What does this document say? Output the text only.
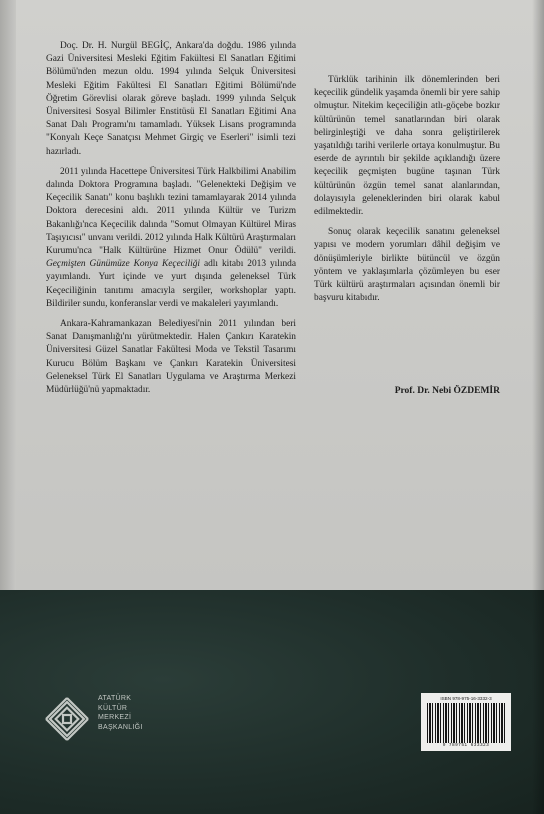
Doç. Dr. H. Nurgül BEGİÇ, Ankara'da doğdu. 1986 yılında Gazi Üniversitesi Mesleki Eğitim Fakültesi El Sanatları Eğitimi Bölümü'nden mezun oldu. 1994 yılında Selçuk Üniversitesi Mesleki Eğitim Fakültesi El Sanatları Eğitimi Bölümü'nde Öğretim Görevlisi olarak göreve başladı. 1999 yılında Selçuk Üniversitesi Sosyal Bilimler Enstitüsü El Sanatları Eğitimi Ana Sanat Dalı Programı'nı tamamladı. Yüksek Lisans programında "Konyalı Keçe Sanatçısı Mehmet Girgiç ve Eserleri" isimli tezi hazırladı.

2011 yılında Hacettepe Üniversitesi Türk Halkbilimi Anabilim dalında Doktora Programına başladı. "Gelenekteki Değişim ve Keçecilik Sanatı" konu başlıklı tezini tamamlayarak 2014 yılında Doktora derecesini aldı. 2011 yılında Kültür ve Turizm Bakanlığı'nca Keçecilik dalında "Somut Olmayan Kültürel Miras Taşıyıcısı" unvanı verildi. 2012 yılında Halk Kültürü Araştırmaları Kurumu'nca "Halk Kültürüne Hizmet Onur Ödülü" verildi. Geçmişten Günümüze Konya Keçeciliği adlı kitabı 2013 yılında yayımlandı. Yurt içinde ve yurt dışında geleneksel Türk Keçeciliğinin tanıtımı amacıyla sergiler, workshoplar yaptı. Bildiriler sundu, konferanslar verdi ve makaleleri yayımlandı.

Ankara-Kahramankazan Belediyesi'nin 2011 yılından beri Sanat Danışmanlığı'nı yürütmektedir. Halen Çankırı Karatekin Üniversitesi Güzel Sanatlar Fakültesi Moda ve Tekstil Tasarımı Kurucu Bölüm Başkanı ve Çankırı Karatekin Üniversitesi Geleneksel Türk El Sanatları Uygulama ve Araştırma Merkezi Müdürlüğü'nü yapmaktadır.

Türklük tarihinin ilk dönemlerinden beri keçecilik gündelik yaşamda önemli bir yere sahip olmuştur. Nitekim keçeciliğin atlı-göçebe bozkır kültürünün temel sanatlarından biri olarak belirginleştiği ve daha sonra geliştirilerek yaşatıldığı tarihi verilerle ortaya konulmuştur. Bu eserde de ayrıntılı bir şekilde açıklandığı üzere keçecilik geçmişten bugüne taşınan Türk kültürünün özgün temel sanat alanlarından, dolayısıyla geleneklerinden biri olarak kabul edilmektedir.

Sonuç olarak keçecilik sanatını geleneksel yapısı ve modern yorumları dâhil değişim ve dönüşümleriyle birlikte bütüncül ve özgün yöntem ve yaklaşımlarla çözümleyen bu eser Türk kültürü araştırmaları açısından önemli bir başvuru kitabıdır.

Prof. Dr. Nebi ÖZDEMİR
ATATÜRK
KÜLTÜR
MERKEZİ
BAŞKANLIĞI
ISBN 978-975-16-3332-3
9 789751 633323
